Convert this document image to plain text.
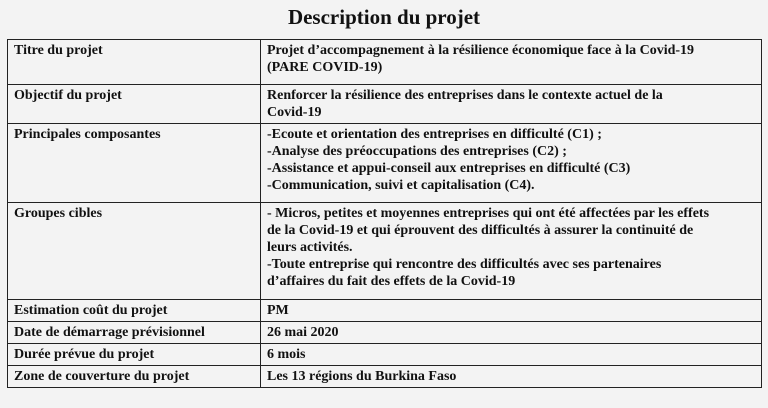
Description du projet
Titre du projet	Projet d’accompagnement à la résilience économique face à la Covid-19
(PARE COVID-19)

Objectif du projet	Renforcer la résilience des entreprises dans le contexte actuel de la
Covid-19

Principales composantes	-Ecoute et orientation des entreprises en difficulté (C1) ;
-Analyse des préoccupations des entreprises (C2) ;
-Assistance et appui-conseil aux entreprises en difficulté (C3)
-Communication, suivi et capitalisation (C4).

Groupes cibles	- Micros, petites et moyennes entreprises qui ont été affectées par les effets
de la Covid-19 et qui éprouvent des difficultés à assurer la continuité de
leurs activités.
-Toute entreprise qui rencontre des difficultés avec ses partenaires
d’affaires du fait des effets de la Covid-19

Estimation coût du projet	PM

Date de démarrage prévisionnel	26 mai 2020

Durée prévue du projet	6 mois

Zone de couverture du projet	Les 13 régions du Burkina Faso
